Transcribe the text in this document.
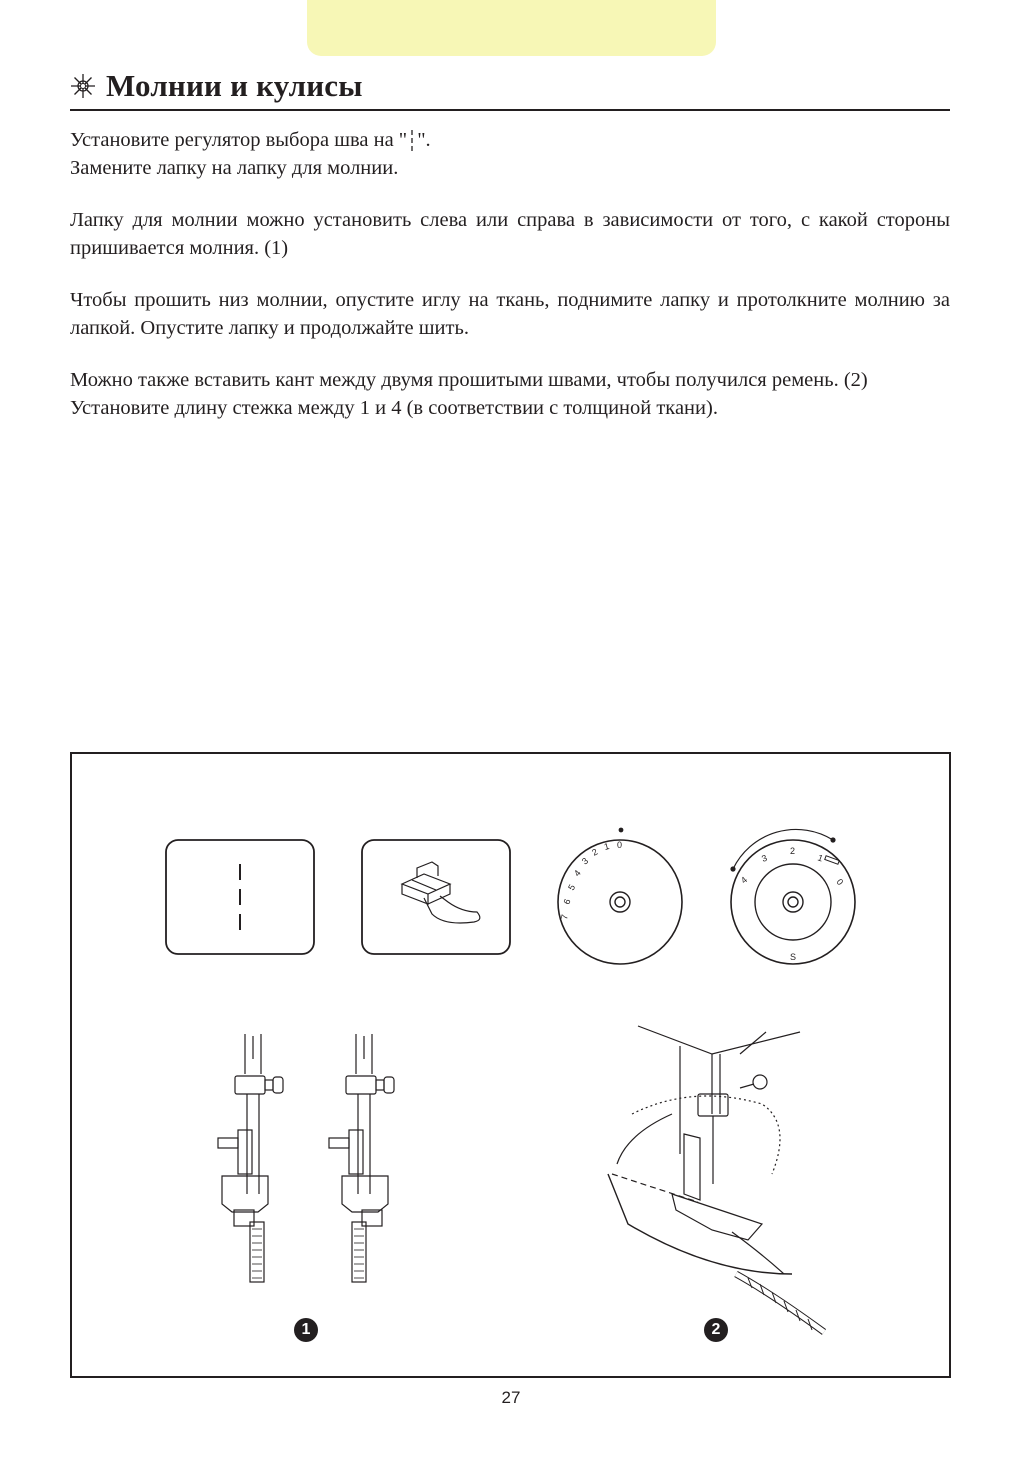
Молнии и кулисы

Установите регулятор выбора шва на " ".
Замените лапку на лапку для молнии.

Лапку для молнии можно установить слева или справа в зависимости от того, с какой стороны пришивается молния. (1)

Чтобы прошить низ молнии, опустите иглу на ткань, поднимите лапку и протолкните молнию за лапкой. Опустите лапку и продолжайте шить.

Можно также вставить кант между двумя прошитыми швами, чтобы получился ремень. (2)
Установите длину стежка между 1 и 4 (в соответствии с толщиной ткани).

7
6
5
4
3
2
1 0
4
3
2
1
0
S
1	2
27
